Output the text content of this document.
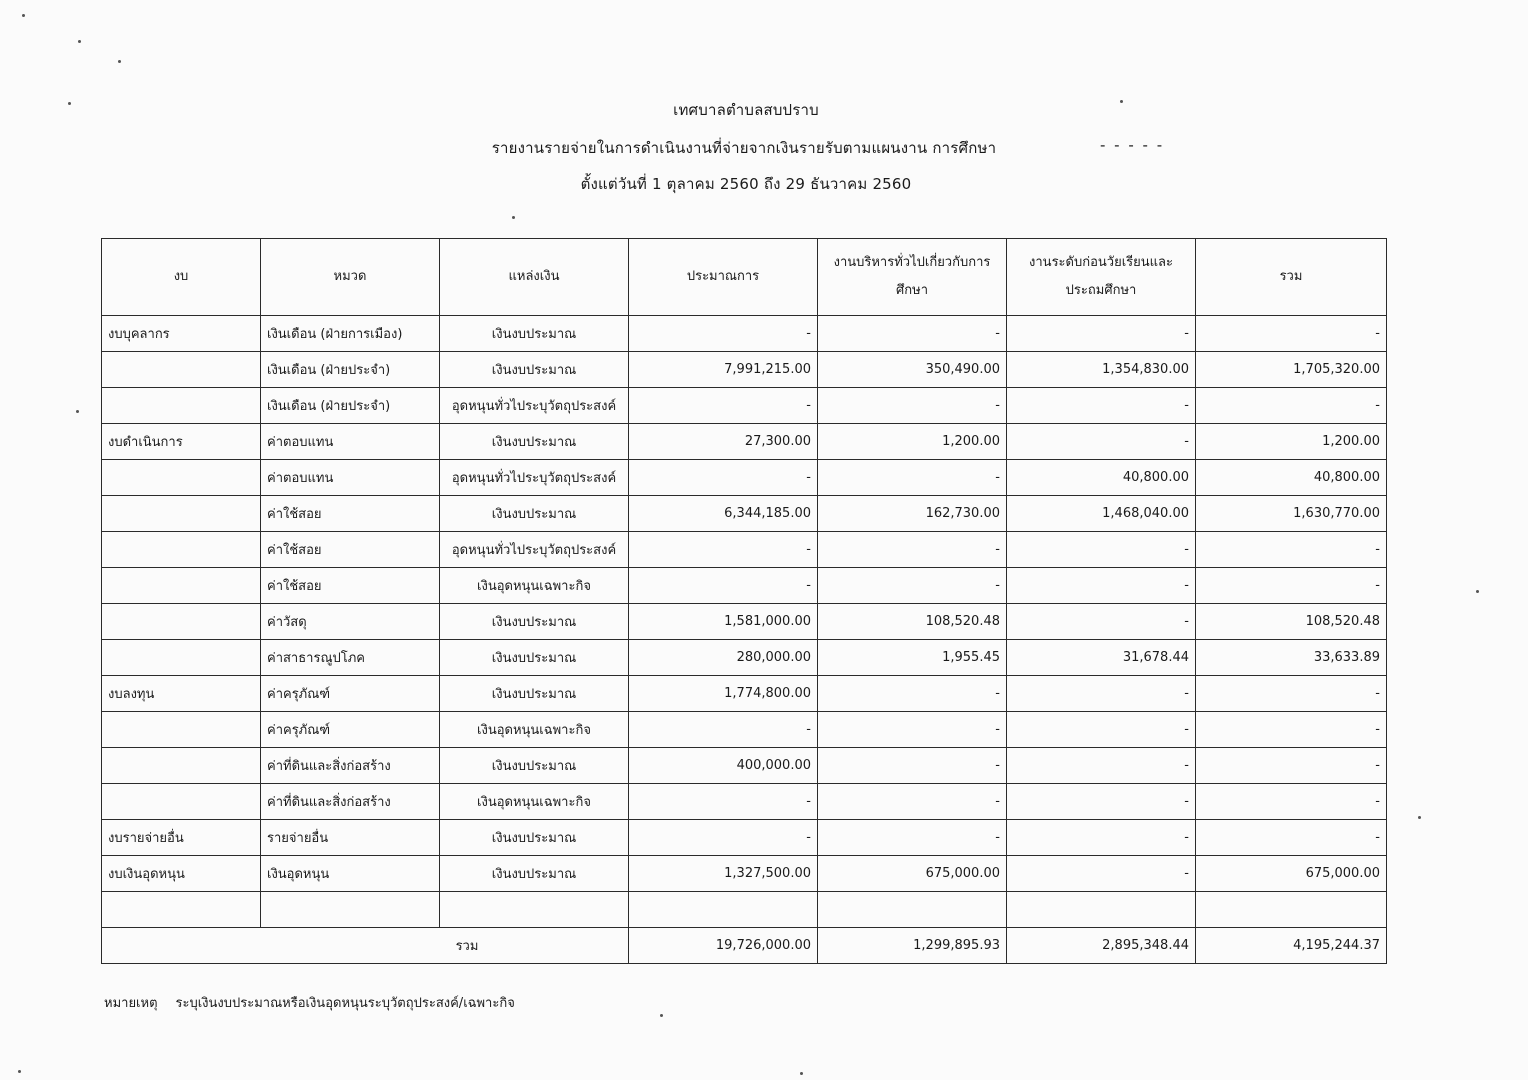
เทศบาลตำบลสบปราบ
รายงานรายจ่ายในการดำเนินงานที่จ่ายจากเงินรายรับตามแผนงาน การศึกษา	- - - - -
ตั้งแต่วันที่ 1 ตุลาคม 2560 ถึง 29 ธันวาคม 2560
งบ	หมวด	แหล่งเงิน	ประมาณการ	งานบริหารทั่วไปเกี่ยวกับการศึกษา	งานระดับก่อนวัยเรียนและประถมศึกษา	รวม
งบบุคลากร	เงินเดือน (ฝ่ายการเมือง)	เงินงบประมาณ	-	-	-	-
	เงินเดือน (ฝ่ายประจำ)	เงินงบประมาณ	7,991,215.00	350,490.00	1,354,830.00	1,705,320.00
	เงินเดือน (ฝ่ายประจำ)	อุดหนุนทั่วไประบุวัตถุประสงค์	-	-	-	-
งบดำเนินการ	ค่าตอบแทน	เงินงบประมาณ	27,300.00	1,200.00	-	1,200.00
	ค่าตอบแทน	อุดหนุนทั่วไประบุวัตถุประสงค์	-	-	40,800.00	40,800.00
	ค่าใช้สอย	เงินงบประมาณ	6,344,185.00	162,730.00	1,468,040.00	1,630,770.00
	ค่าใช้สอย	อุดหนุนทั่วไประบุวัตถุประสงค์	-	-	-	-
	ค่าใช้สอย	เงินอุดหนุนเฉพาะกิจ	-	-	-	-
	ค่าวัสดุ	เงินงบประมาณ	1,581,000.00	108,520.48	-	108,520.48
	ค่าสาธารณูปโภค	เงินงบประมาณ	280,000.00	1,955.45	31,678.44	33,633.89
งบลงทุน	ค่าครุภัณฑ์	เงินงบประมาณ	1,774,800.00	-	-	-
	ค่าครุภัณฑ์	เงินอุดหนุนเฉพาะกิจ	-	-	-	-
	ค่าที่ดินและสิ่งก่อสร้าง	เงินงบประมาณ	400,000.00	-	-	-
	ค่าที่ดินและสิ่งก่อสร้าง	เงินอุดหนุนเฉพาะกิจ	-	-	-	-
งบรายจ่ายอื่น	รายจ่ายอื่น	เงินงบประมาณ	-	-	-	-
งบเงินอุดหนุน	เงินอุดหนุน	เงินงบประมาณ	1,327,500.00	675,000.00	-	675,000.00

รวม			19,726,000.00	1,299,895.93	2,895,348.44	4,195,244.37
หมายเหตุ ระบุเงินงบประมาณหรือเงินอุดหนุนระบุวัตถุประสงค์/เฉพาะกิจ
